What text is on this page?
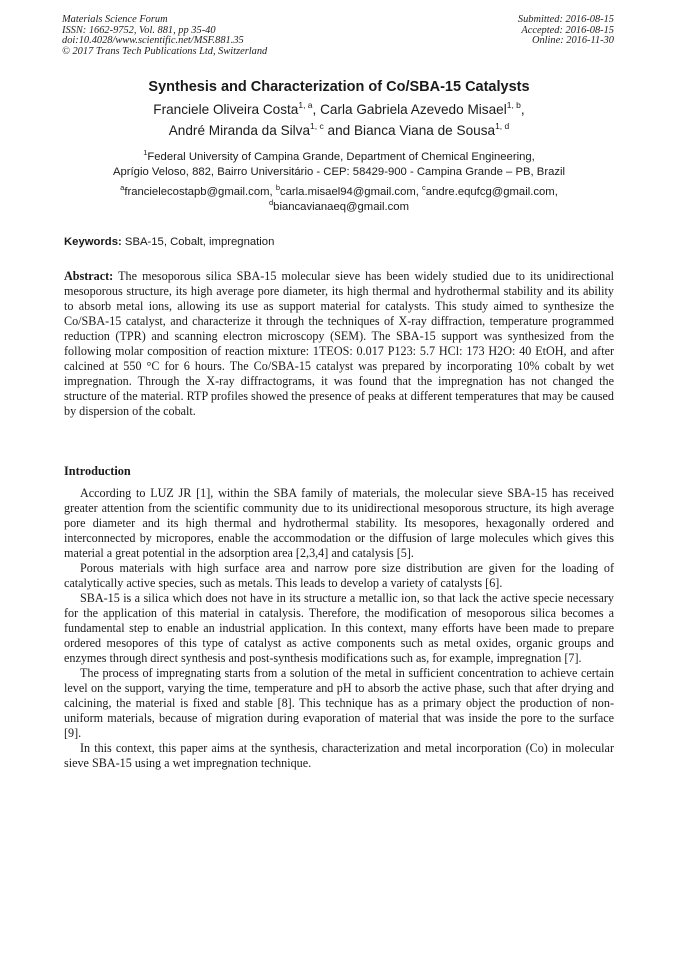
Materials Science Forum
ISSN: 1662-9752, Vol. 881, pp 35-40
doi:10.4028/www.scientific.net/MSF.881.35
© 2017 Trans Tech Publications Ltd, Switzerland
Submitted: 2016-08-15
Accepted: 2016-08-15
Online: 2016-11-30
Synthesis and Characterization of Co/SBA-15 Catalysts
Franciele Oliveira Costa$^{1, a}$, Carla Gabriela Azevedo Misael$^{1, b}$,
André Miranda da Silva$^{1, c}$ and Bianca Viana de Sousa$^{1, d}$
$^1$Federal University of Campina Grande, Department of Chemical Engineering,
Aprígio Veloso, 882, Bairro Universitário - CEP: 58429-900 - Campina Grande – PB, Brazil
$^a$francielecostapb@gmail.com, $^b$carla.misael94@gmail.com, $^c$andre.equfcg@gmail.com,
$^d$biancavianaeq@gmail.com
Keywords: SBA-15, Cobalt, impregnation

Abstract: The mesoporous silica SBA-15 molecular sieve has been widely studied due to its unidirectional mesoporous structure, its high average pore diameter, its high thermal and hydrothermal stability and its ability to absorb metal ions, allowing its use as support material for catalysts. This study aimed to synthesize the Co/SBA-15 catalyst, and characterize it through the techniques of X-ray diffraction, temperature programmed reduction (TPR) and scanning electron microscopy (SEM). The SBA-15 support was synthesized from the following molar composition of reaction mixture: 1TEOS: 0.017 P123: 5.7 HCl: 173 H2O: 40 EtOH, and after calcined at 550 °C for 6 hours. The Co/SBA-15 catalyst was prepared by incorporating 10% cobalt by wet impregnation. Through the X-ray diffractograms, it was found that the impregnation has not changed the structure of the material. RTP profiles showed the presence of peaks at different temperatures that may be caused by dispersion of the cobalt.

Introduction

According to LUZ JR [1], within the SBA family of materials, the molecular sieve SBA-15 has received greater attention from the scientific community due to its unidirectional mesoporous structure, its high average pore diameter and its high thermal and hydrothermal stability. Its mesopores, hexagonally ordered and interconnected by micropores, enable the accommodation or the diffusion of large molecules which gives this material a great potential in the adsorption area [2,3,4] and catalysis [5].

Porous materials with high surface area and narrow pore size distribution are given for the loading of catalytically active species, such as metals. This leads to develop a variety of catalysts [6].

SBA-15 is a silica which does not have in its structure a metallic ion, so that lack the active specie necessary for the application of this material in catalysis. Therefore, the modification of mesoporous silica becomes a fundamental step to enable an industrial application. In this context, many efforts have been made to prepare ordered mesopores of this type of catalyst as active components such as metal oxides, organic groups and enzymes through direct synthesis and post-synthesis modifications such as, for example, impregnation [7].

The process of impregnating starts from a solution of the metal in sufficient concentration to achieve certain level on the support, varying the time, temperature and pH to absorb the active phase, such that after drying and calcining, the material is fixed and stable [8]. This technique has as a primary object the production of non-uniform materials, because of migration during evaporation of material that was inside the pore to the surface [9].

In this context, this paper aims at the synthesis, characterization and metal incorporation (Co) in molecular sieve SBA-15 using a wet impregnation technique.
